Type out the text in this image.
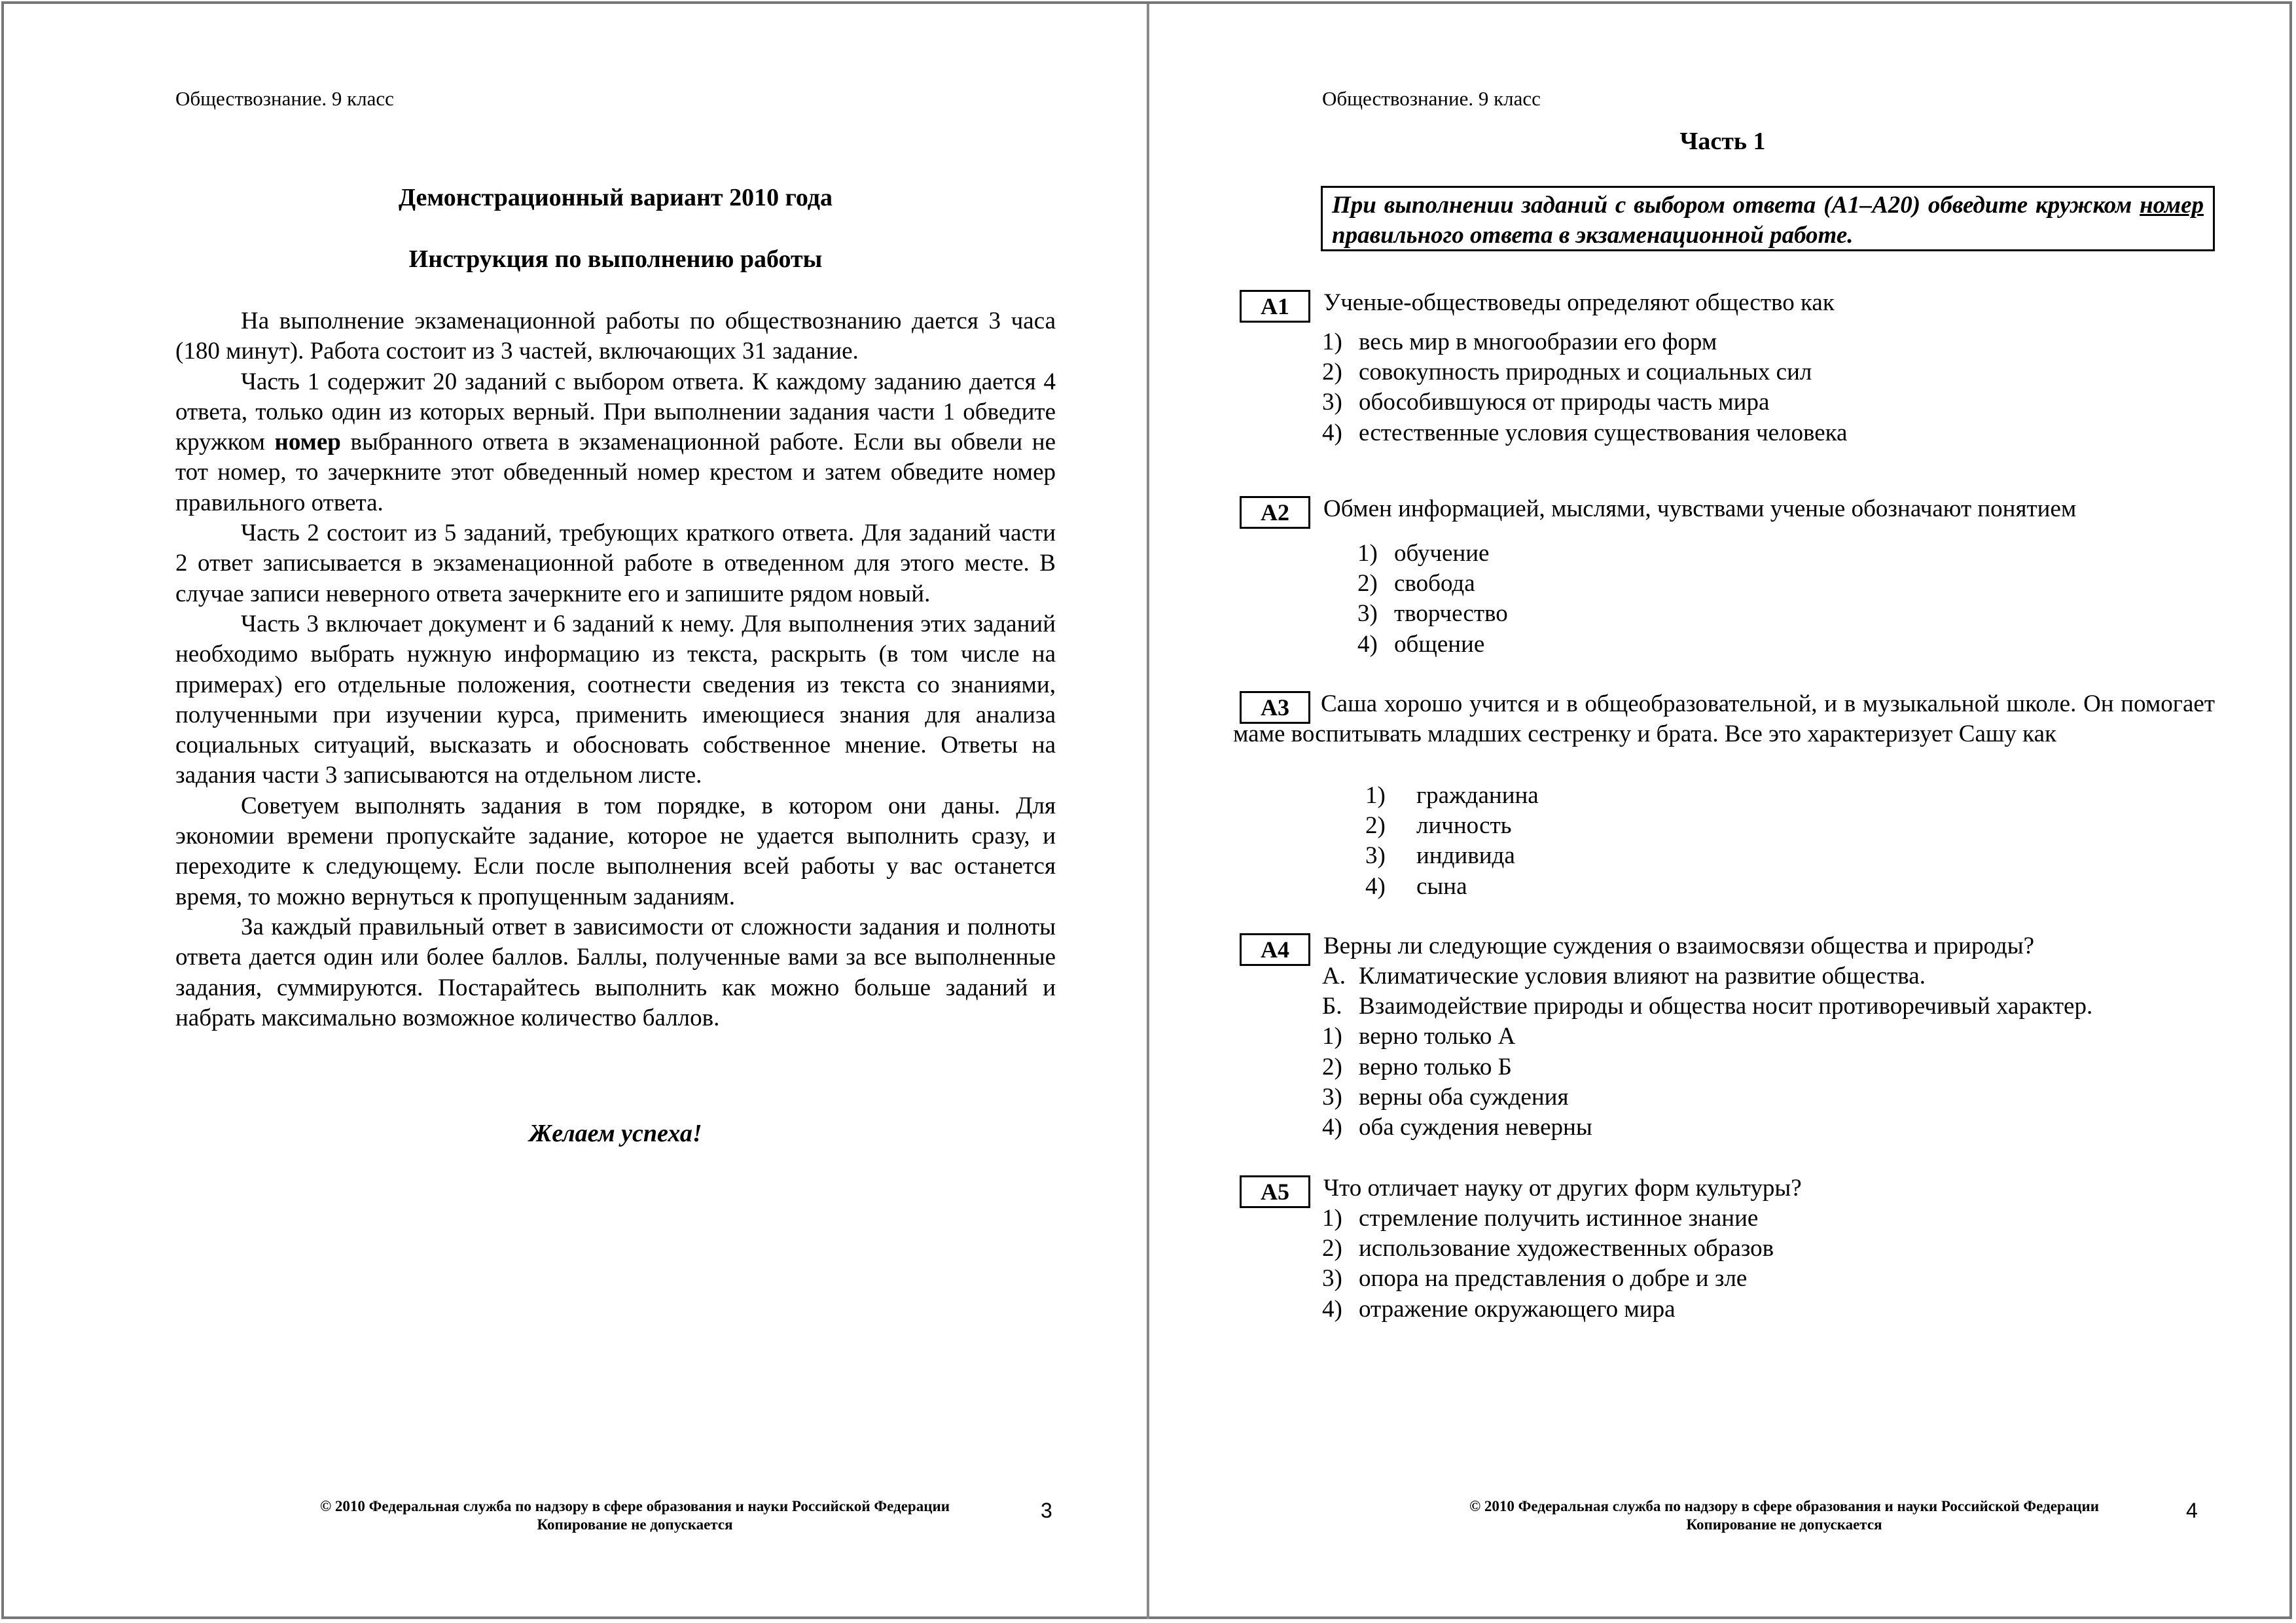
Обществознание. 9 класс
Демонстрационный вариант 2010 года
Инструкция по выполнению работы

На выполнение экзаменационной работы по обществознанию дается 3 часа (180 минут). Работа состоит из 3 частей, включающих 31 задание.

Часть 1 содержит 20 заданий с выбором ответа. К каждому заданию дается 4 ответа, только один из которых верный. При выполнении задания части 1 обведите кружком номер выбранного ответа в экзаменационной работе. Если вы обвели не тот номер, то зачеркните этот обведенный номер крестом и затем обведите номер правильного ответа.

Часть 2 состоит из 5 заданий, требующих краткого ответа. Для заданий части 2 ответ записывается в экзаменационной работе в отведенном для этого месте. В случае записи неверного ответа зачеркните его и запишите рядом новый.

Часть 3 включает документ и 6 заданий к нему. Для выполнения этих заданий необходимо выбрать нужную информацию из текста, раскрыть (в том числе на примерах) его отдельные положения, соотнести сведения из текста со знаниями, полученными при изучении курса, применить имеющиеся знания для анализа социальных ситуаций, высказать и обосновать собственное мнение. Ответы на задания части 3 записываются на отдельном листе.

Советуем выполнять задания в том порядке, в котором они даны. Для экономии времени пропускайте задание, которое не удается выполнить сразу, и переходите к следующему. Если после выполнения всей работы у вас останется время, то можно вернуться к пропущенным заданиям.

За каждый правильный ответ в зависимости от сложности задания и полноты ответа дается один или более баллов. Баллы, полученные вами за все выполненные задания, суммируются. Постарайтесь выполнить как можно больше заданий и набрать максимально возможное количество баллов.

Желаем успеха!
© 2010 Федеральная служба по надзору в сфере образования и науки Российской Федерации
Копирование не допускается
3
Обществознание. 9 класс
Часть 1
При выполнении заданий с выбором ответа (А1–А20) обведите кружком номер правильного ответа в экзаменационной работе.
А1	Ученые-обществоведы определяют общество как
1) весь мир в многообразии его форм
2) совокупность природных и социальных сил
3) обособившуюся от природы часть мира
4) естественные условия существования человека
А2	Обмен информацией, мыслями, чувствами ученые обозначают понятием
1) обучение
2) свобода
3) творчество
4) общение
А3	Саша хорошо учится и в общеобразовательной, и в музыкальной школе. Он помогает маме воспитывать младших сестренку и брата. Все это характеризует Сашу как
1) гражданина
2) личность
3) индивида
4) сына
А4	Верны ли следующие суждения о взаимосвязи общества и природы?
А. Климатические условия влияют на развитие общества.
Б. Взаимодействие природы и общества носит противоречивый характер.
1) верно только А
2) верно только Б
3) верны оба суждения
4) оба суждения неверны
А5	Что отличает науку от других форм культуры?
1) стремление получить истинное знание
2) использование художественных образов
3) опора на представления о добре и зле
4) отражение окружающего мира
© 2010 Федеральная служба по надзору в сфере образования и науки Российской Федерации
Копирование не допускается
4
